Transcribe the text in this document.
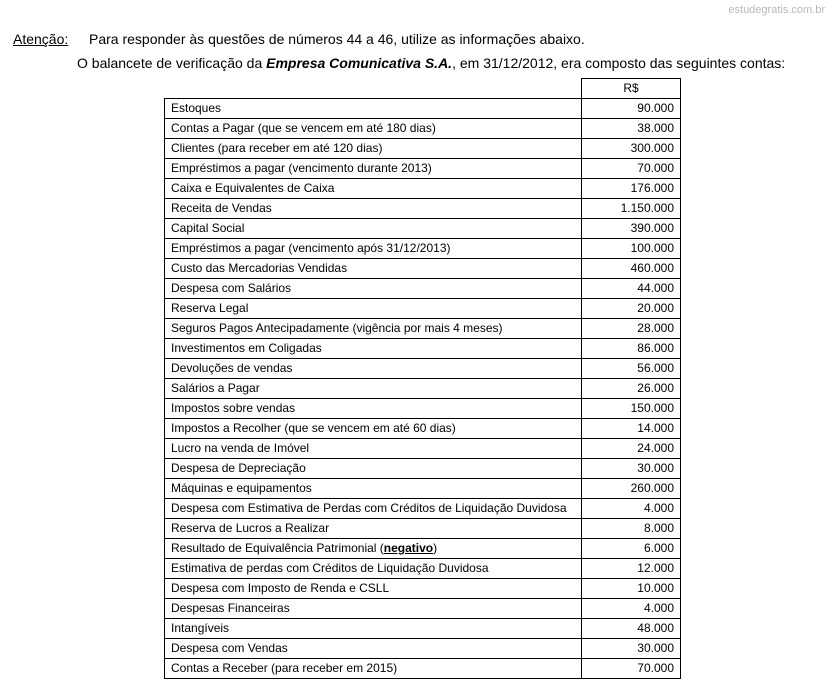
estudegratis.com.br
Atenção: Para responder às questões de números 44 a 46, utilize as informações abaixo.
O balancete de verificação da Empresa Comunicativa S.A., em 31/12/2012, era composto das seguintes contas:
	R$
Estoques	90.000
Contas a Pagar (que se vencem em até 180 dias)	38.000
Clientes (para receber em até 120 dias)	300.000
Empréstimos a pagar (vencimento durante 2013)	70.000
Caixa e Equivalentes de Caixa	176.000
Receita de Vendas	1.150.000
Capital Social	390.000
Empréstimos a pagar (vencimento após 31/12/2013)	100.000
Custo das Mercadorias Vendidas	460.000
Despesa com Salários	44.000
Reserva Legal	20.000
Seguros Pagos Antecipadamente (vigência por mais 4 meses)	28.000
Investimentos em Coligadas	86.000
Devoluções de vendas	56.000
Salários a Pagar	26.000
Impostos sobre vendas	150.000
Impostos a Recolher (que se vencem em até 60 dias)	14.000
Lucro na venda de Imóvel	24.000
Despesa de Depreciação	30.000
Máquinas e equipamentos	260.000
Despesa com Estimativa de Perdas com Créditos de Liquidação Duvidosa	4.000
Reserva de Lucros a Realizar	8.000
Resultado de Equivalência Patrimonial (negativo)	6.000
Estimativa de perdas com Créditos de Liquidação Duvidosa	12.000
Despesa com Imposto de Renda e CSLL	10.000
Despesas Financeiras	4.000
Intangíveis	48.000
Despesa com Vendas	30.000
Contas a Receber (para receber em 2015)	70.000
